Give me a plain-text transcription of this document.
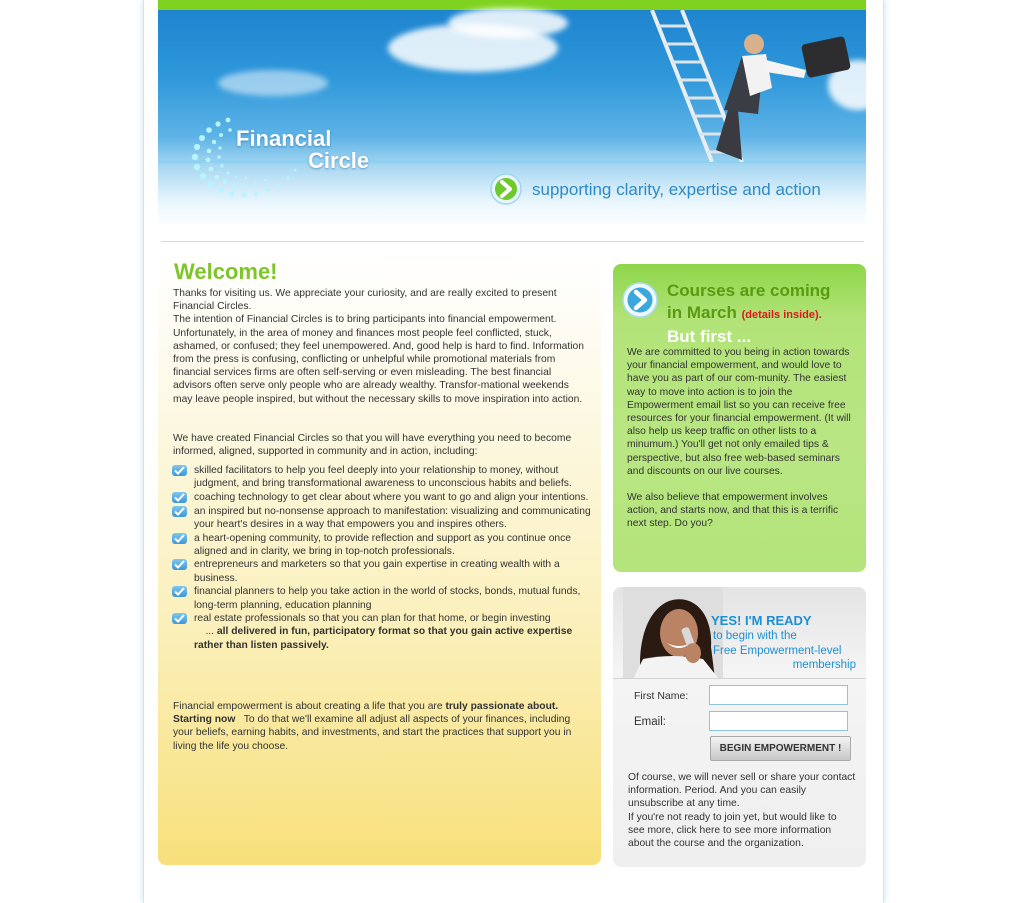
Financial
Circle
supporting clarity, expertise and action
Welcome!

Thanks for visiting us. We appreciate your curiosity, and are really excited to present Financial Circles.

The intention of Financial Circles is to bring participants into financial empowerment. Unfortunately, in the area of money and finances most people feel conflicted, stuck, ashamed, or confused; they feel unempowered. And, good help is hard to find. Information from the press is confusing, conflicting or unhelpful while promotional materials from financial services firms are often self-serving or even misleading. The best financial advisors often serve only people who are already wealthy. Transfor-mational weekends may leave people inspired, but without the necessary skills to move inspiration into action.

We have created Financial Circles so that you will have everything you need to become informed, aligned, supported in community and in action, including:

skilled facilitators to help you feel deeply into your relationship to money, without judgment, and bring transformational awareness to unconscious habits and beliefs.
coaching technology to get clear about where you want to go and align your intentions.
an inspired but no-nonsense approach to manifestation: visualizing and communicating your heart's desires in a way that empowers you and inspires others.
a heart-opening community, to provide reflection and support as you continue once aligned and in clarity, we bring in top-notch professionals.
entrepreneurs and marketers so that you gain expertise in creating wealth with a business.
financial planners to help you take action in the world of stocks, bonds, mutual funds, long-term planning, education planning
real estate professionals so that you can plan for that home, or begin investing
... all delivered in fun, participatory format so that you gain active expertise rather than listen passively.

Financial empowerment is about creating a life that you are truly passionate about.
Starting now   To do that we'll examine all adjust all aspects of your finances, including your beliefs, earning habits, and investments, and start the practices that support you in living the life you choose.

Courses are coming
in March (details inside).
But first ...

We are committed to you being in action towards your financial empowerment, and would love to have you as part of our com-munity. The easiest way to move into action is to join the Empowerment email list so you can receive free resources for your financial empowerment. (It will also help us keep traffic on other lists to a minumum.) You'll get not only emailed tips & perspective, but also free web-based seminars and discounts on our live courses.

We also believe that empowerment involves action, and starts now, and that this is a terrific next step. Do you?

YES! I'M READY
to begin with the
Free Empowerment-level
membership
First Name:
Email:
BEGIN EMPOWERMENT !

Of course, we will never sell or share your contact information. Period. And you can easily unsubscribe at any time.

If you're not ready to join yet, but would like to see more, click here to see more information about the course and the organization.
